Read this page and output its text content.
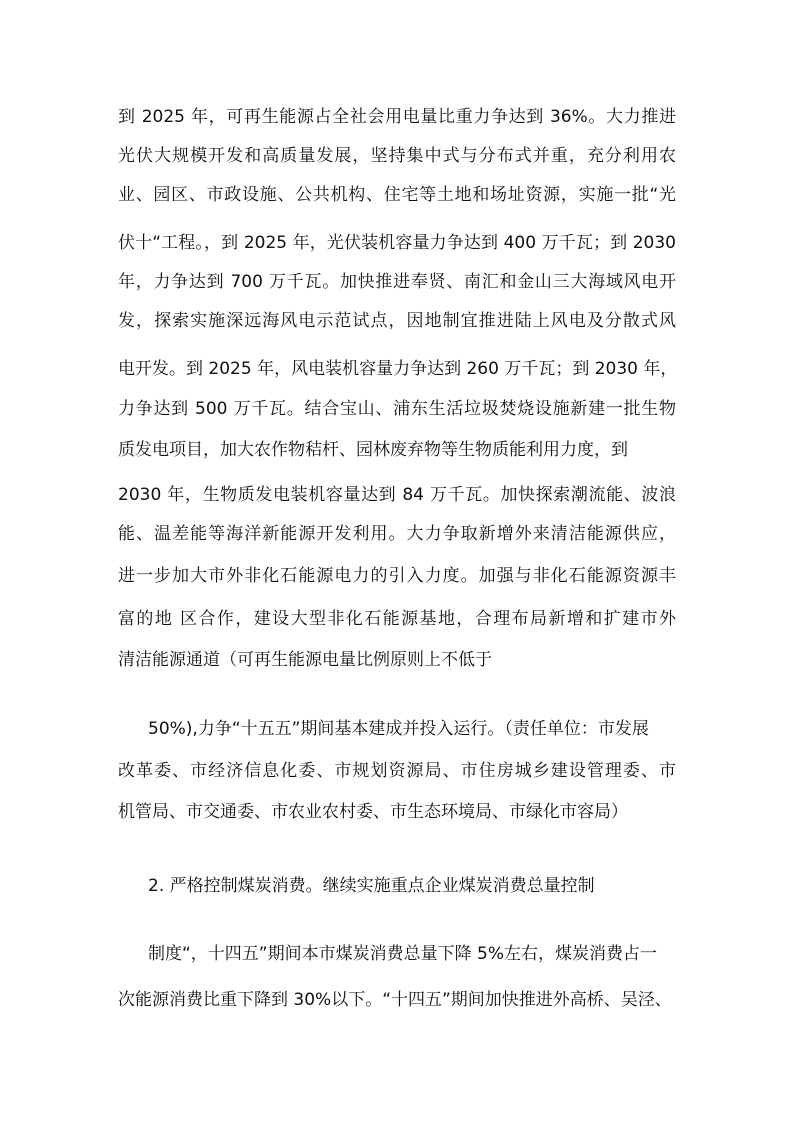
到 2025 年，可再生能源占全社会用电量比重力争达到 36%。大力推进
光伏大规模开发和高质量发展，坚持集中式与分布式并重，充分利用农
业、园区、市政设施、公共机构、住宅等土地和场址资源，实施一批“光
伏十“工程。，到 2025 年，光伏装机容量力争达到 400 万千瓦；到 2030
年，力争达到 700 万千瓦。加快推进奉贤、南汇和金山三大海域风电开
发，探索实施深远海风电示范试点，因地制宜推进陆上风电及分散式风
电开发。到 2025 年，风电装机容量力争达到 260 万千瓦；到 2030 年，
力争达到 500 万千瓦。结合宝山、浦东生活垃圾焚烧设施新建一批生物
质发电项目，加大农作物秸杆、园林废弃物等生物质能利用力度，到
2030 年，生物质发电装机容量达到 84 万千瓦。加快探索潮流能、波浪
能、温差能等海洋新能源开发利用。大力争取新增外来清洁能源供应，
进一步加大市外非化石能源电力的引入力度。加强与非化石能源资源丰
富的地 区合作，建设大型非化石能源基地，合理布局新增和扩建市外
清洁能源通道（可再生能源电量比例原则上不低于
50%),力争“十五五”期间基本建成并投入运行。（责任单位：市发展
改革委、市经济信息化委、市规划资源局、市住房城乡建设管理委、市
机管局、市交通委、市农业农村委、市生态环境局、市绿化市容局）
2. 严格控制煤炭消费。继续实施重点企业煤炭消费总量控制
制度“，十四五”期间本市煤炭消费总量下降 5%左右，煤炭消费占一
次能源消费比重下降到 30%以下。“十四五”期间加快推进外高桥、吴泾、
